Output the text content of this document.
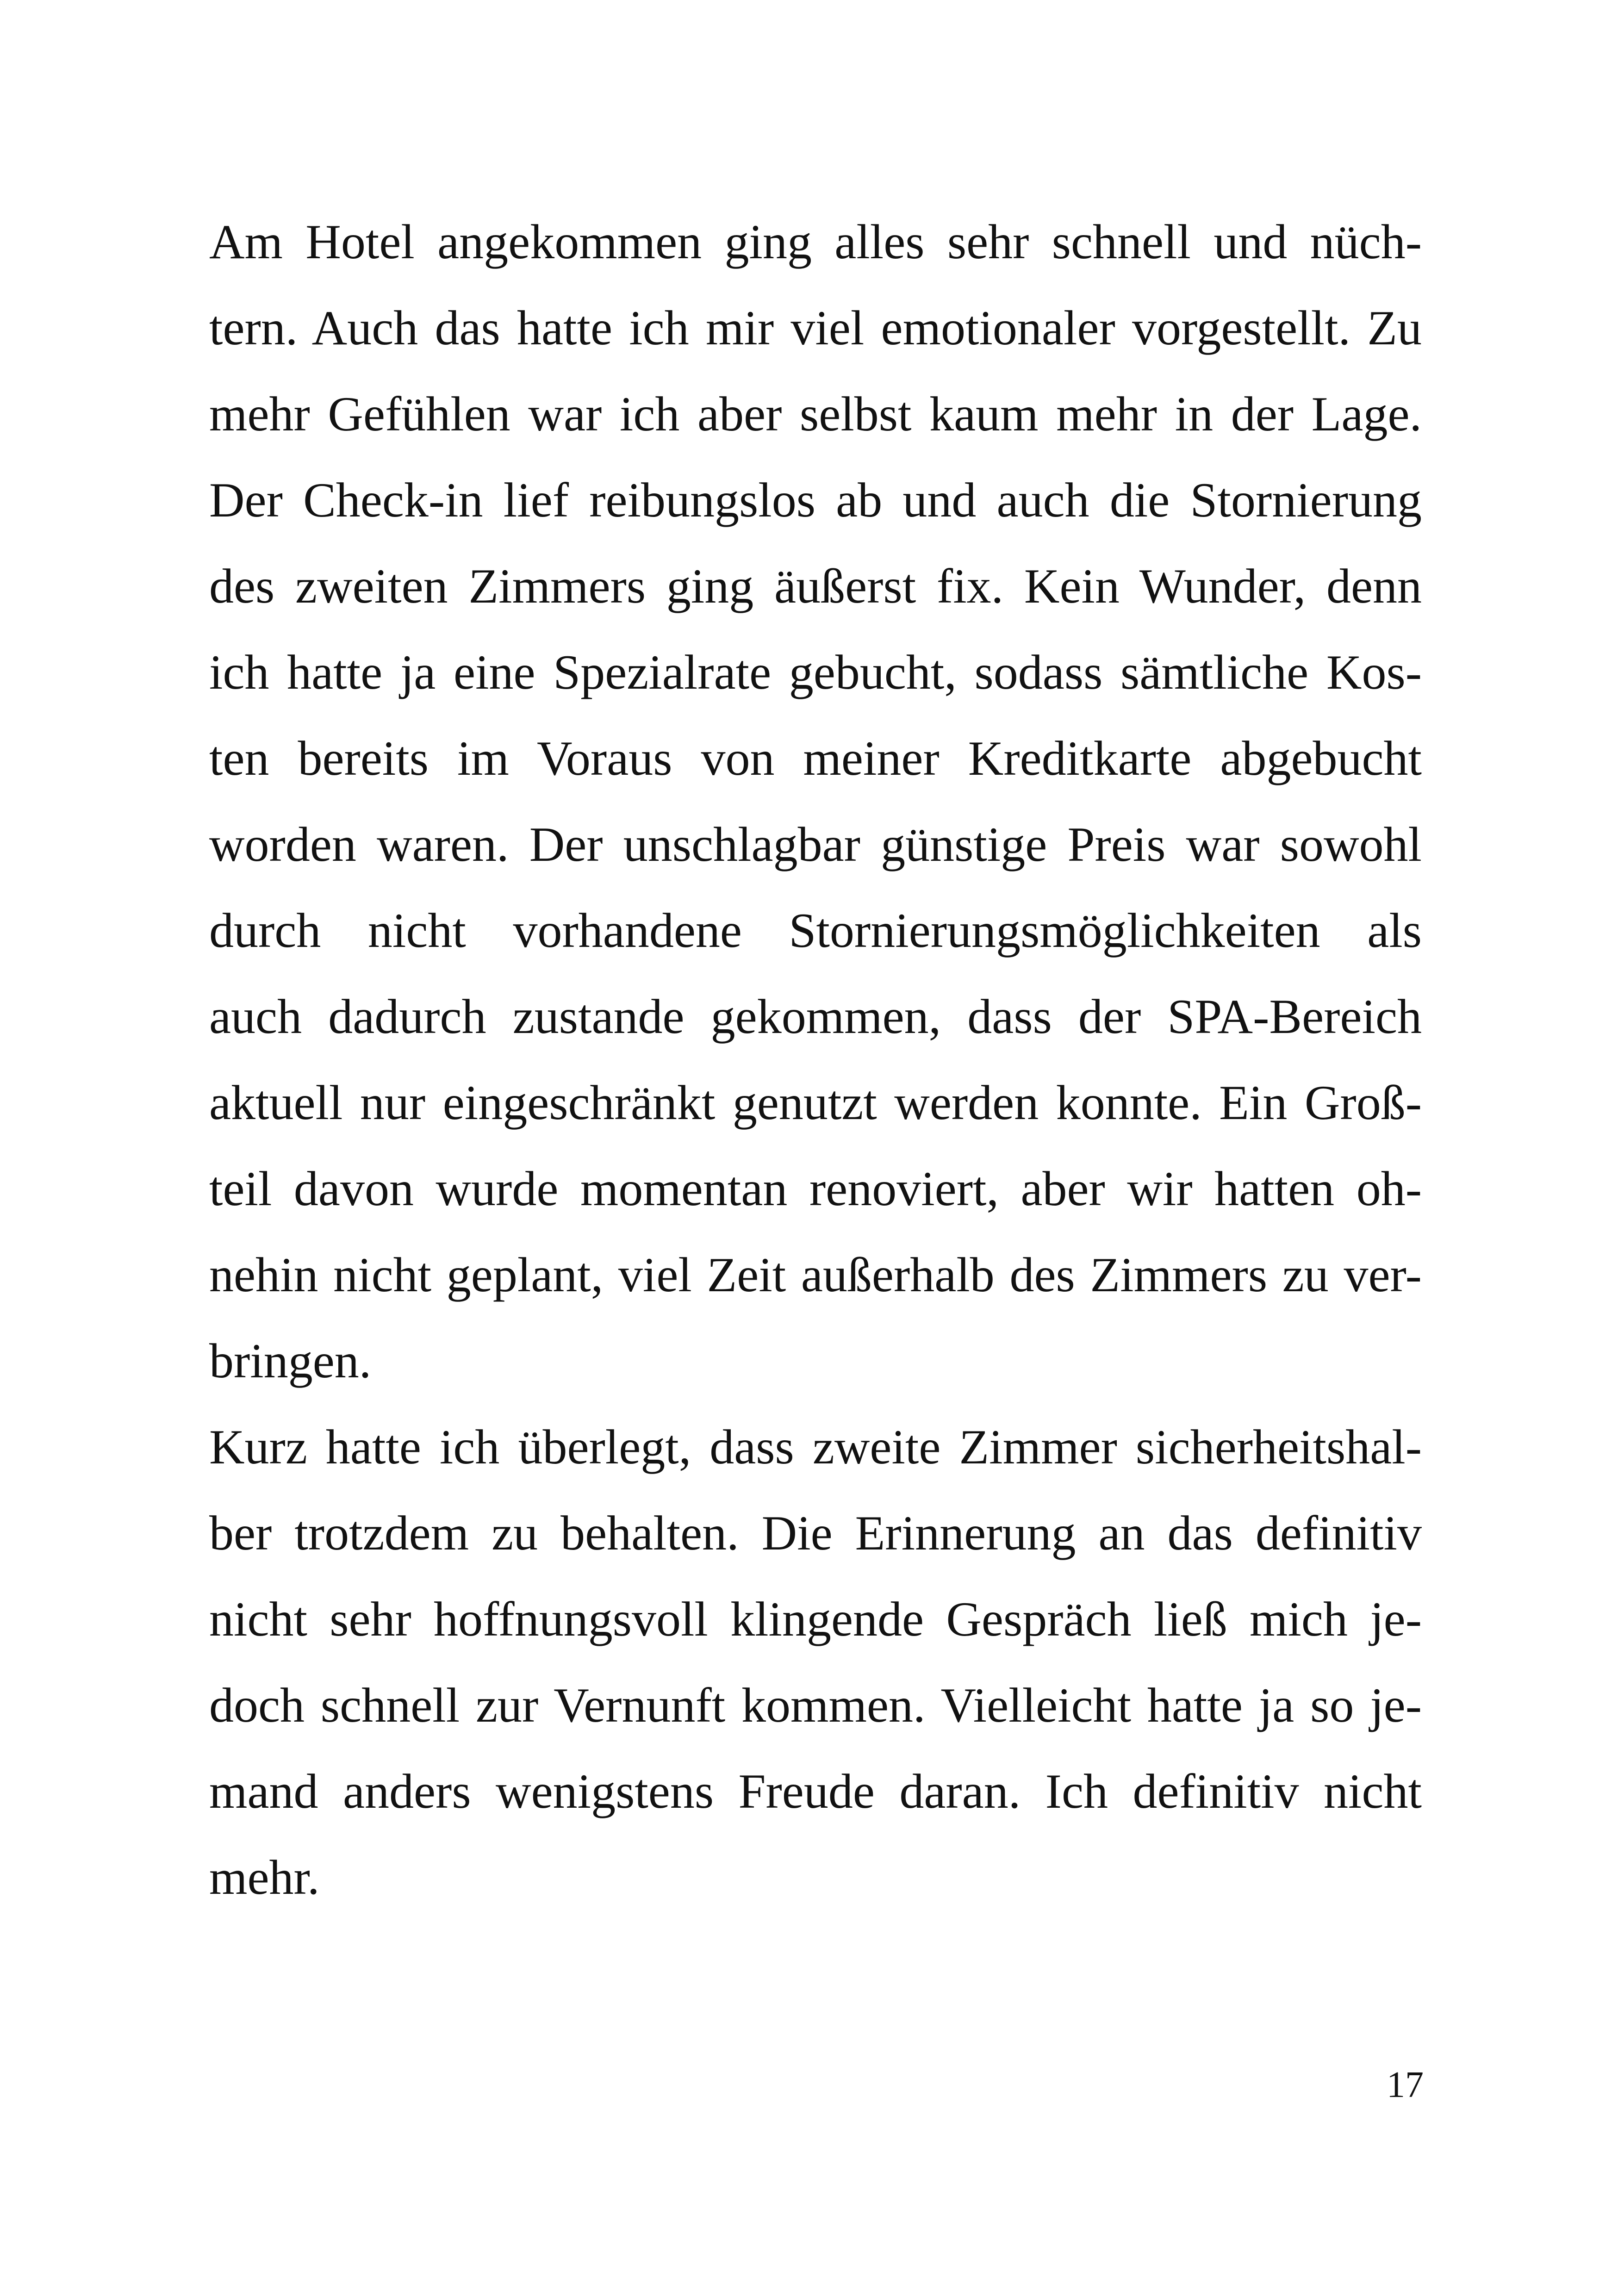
Am Hotel angekommen ging alles sehr schnell und nüch-
tern. Auch das hatte ich mir viel emotionaler vorgestellt. Zu
mehr Gefühlen war ich aber selbst kaum mehr in der Lage.
Der Check-in lief reibungslos ab und auch die Stornierung
des zweiten Zimmers ging äußerst fix. Kein Wunder, denn
ich hatte ja eine Spezialrate gebucht, sodass sämtliche Kos-
ten bereits im Voraus von meiner Kreditkarte abgebucht
worden waren. Der unschlagbar günstige Preis war sowohl
durch nicht vorhandene Stornierungsmöglichkeiten als
auch dadurch zustande gekommen, dass der SPA-Bereich
aktuell nur eingeschränkt genutzt werden konnte. Ein Groß-
teil davon wurde momentan renoviert, aber wir hatten oh-
nehin nicht geplant, viel Zeit außerhalb des Zimmers zu ver-
bringen.
Kurz hatte ich überlegt, dass zweite Zimmer sicherheitshal-
ber trotzdem zu behalten. Die Erinnerung an das definitiv
nicht sehr hoffnungsvoll klingende Gespräch ließ mich je-
doch schnell zur Vernunft kommen. Vielleicht hatte ja so je-
mand anders wenigstens Freude daran. Ich definitiv nicht
mehr.
17
